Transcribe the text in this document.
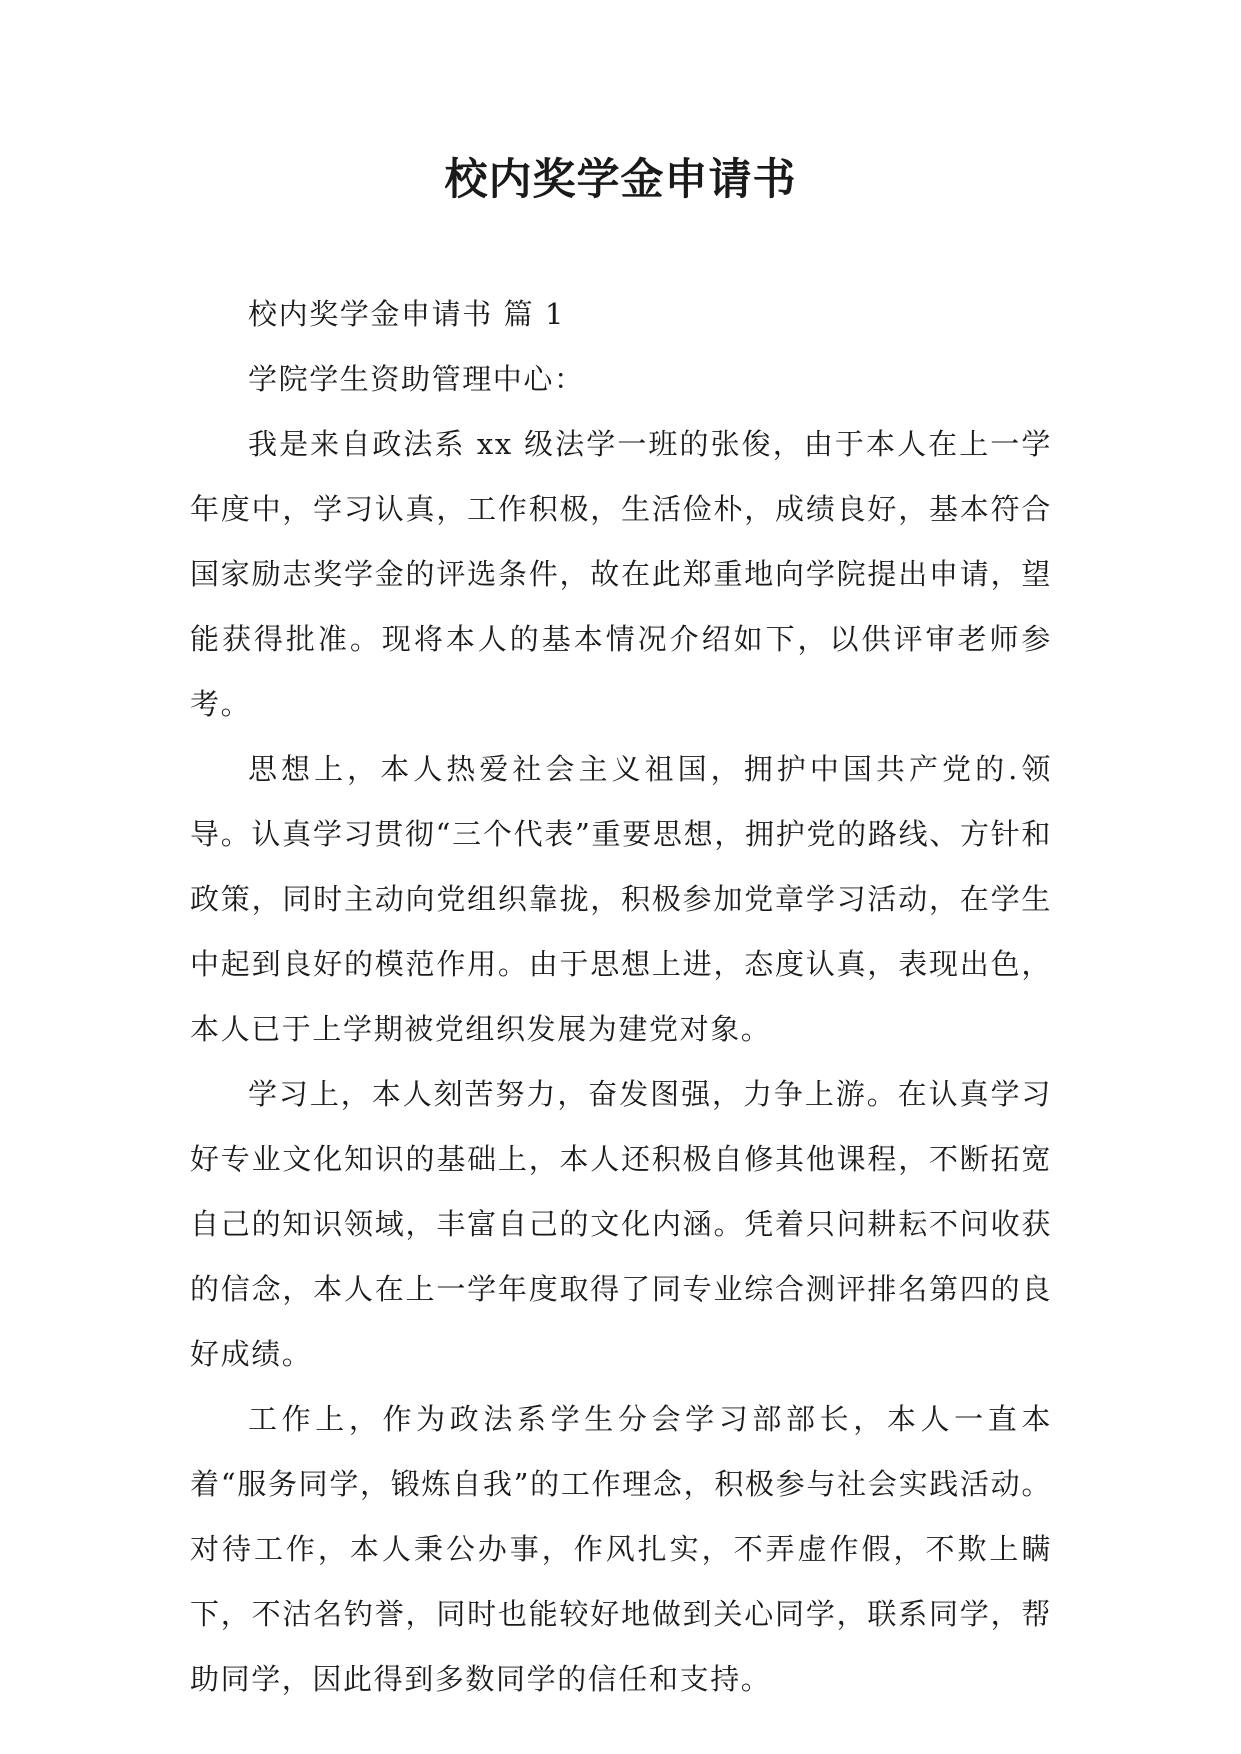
校内奖学金申请书

校内奖学金申请书 篇 1

学院学生资助管理中心：

我是来自政法系 xx 级法学一班的张俊，由于本人在上一学年度中，学习认真，工作积极，生活俭朴，成绩良好，基本符合国家励志奖学金的评选条件，故在此郑重地向学院提出申请，望能获得批准。现将本人的基本情况介绍如下，以供评审老师参考。

思想上，本人热爱社会主义祖国，拥护中国共产党的.领导。认真学习贯彻“三个代表”重要思想，拥护党的路线、方针和政策，同时主动向党组织靠拢，积极参加党章学习活动，在学生中起到良好的模范作用。由于思想上进，态度认真，表现出色，本人已于上学期被党组织发展为建党对象。

学习上，本人刻苦努力，奋发图强，力争上游。在认真学习好专业文化知识的基础上，本人还积极自修其他课程，不断拓宽自己的知识领域，丰富自己的文化内涵。凭着只问耕耘不问收获的信念，本人在上一学年度取得了同专业综合测评排名第四的良好成绩。

工作上，作为政法系学生分会学习部部长，本人一直本着“服务同学，锻炼自我”的工作理念，积极参与社会实践活动。对待工作，本人秉公办事，作风扎实，不弄虚作假，不欺上瞒下，不沽名钓誉，同时也能较好地做到关心同学，联系同学，帮助同学，因此得到多数同学的信任和支持。
